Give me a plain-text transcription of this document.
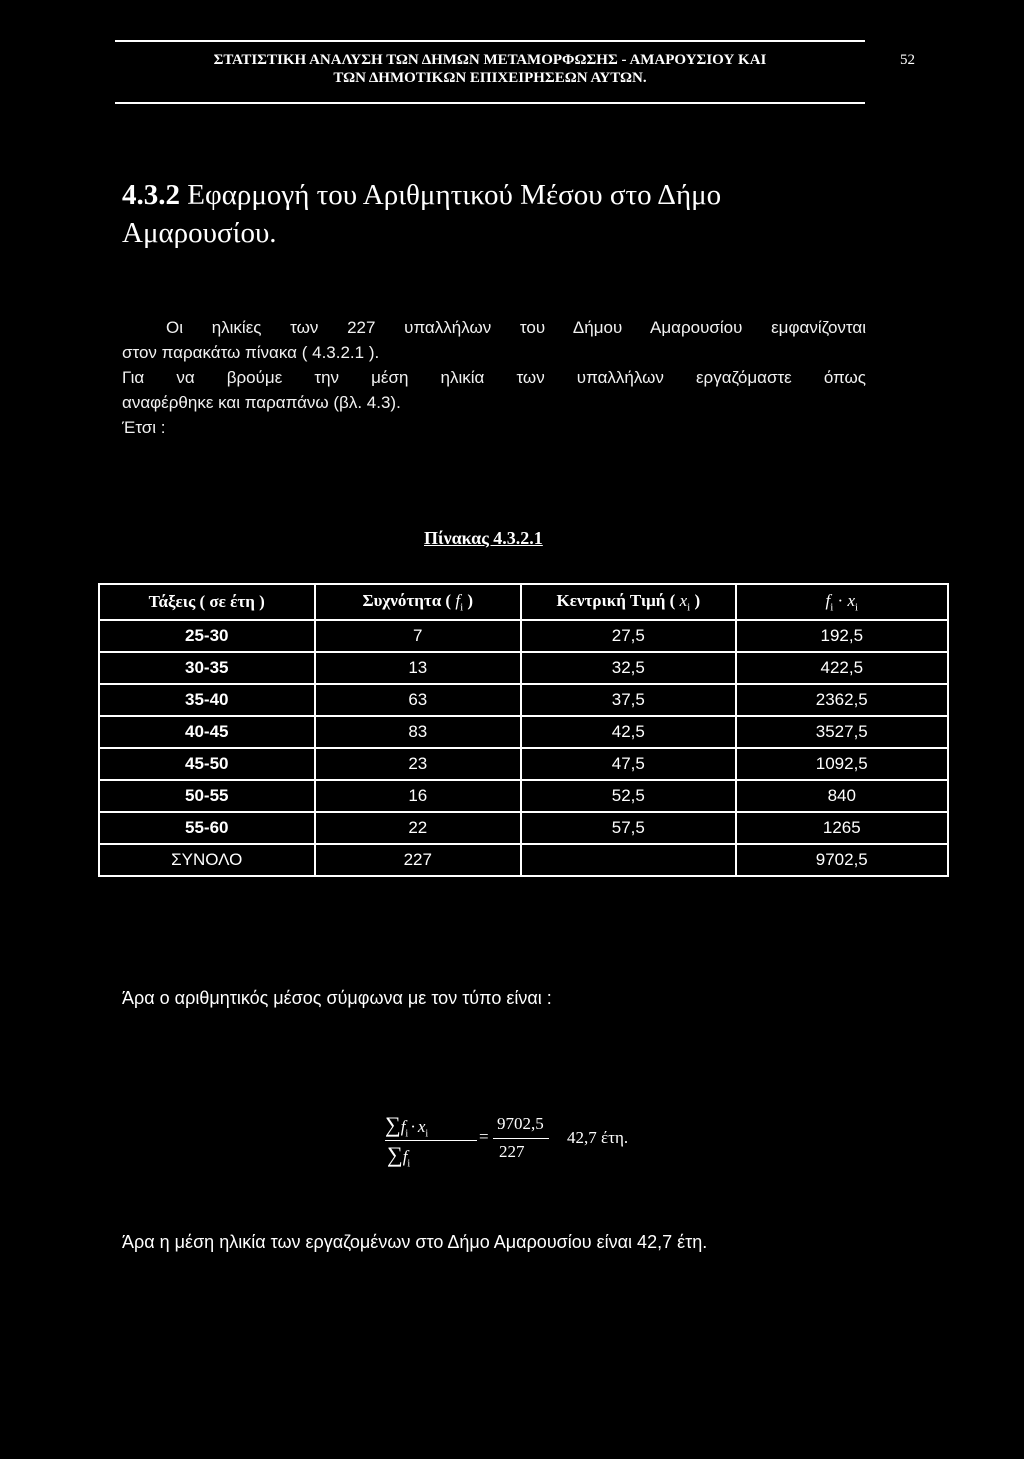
ΣΤΑΤΙΣΤΙΚΗ ΑΝΑΛΥΣΗ ΤΩΝ ΔΗΜΩΝ ΜΕΤΑΜΟΡΦΩΣΗΣ - ΑΜΑΡΟΥΣΙΟΥ ΚΑΙ
ΤΩΝ ΔΗΜΟΤΙΚΩΝ ΕΠΙΧΕΙΡΗΣΕΩΝ ΑΥΤΩΝ.
52
4.3.2 Εφαρμογή του Αριθμητικού Μέσου στο Δήμο
Αμαρουσίου.
Οι ηλικίες των 227 υπαλλήλων του Δήμου Αμαρουσίου εμφανίζονται
στον παρακάτω πίνακα ( 4.3.2.1 ).
Για να βρούμε την μέση ηλικία των υπαλλήλων εργαζόμαστε όπως
αναφέρθηκε και παραπάνω (βλ. 4.3).
Έτσι :
Πίνακας 4.3.2.1
Τάξεις ( σε έτη )	Συχνότητα ( $f_i$ )	Κεντρική Τιμή ( $x_i$ )	$f_i \cdot x_i$
25-30	7	27,5	192,5
30-35	13	32,5	422,5
35-40	63	37,5	2362,5
40-45	83	42,5	3527,5
45-50	23	47,5	1092,5
50-55	16	52,5	840
55-60	22	57,5	1265
ΣΥΝΟΛΟ	227		9702,5
Άρα ο αριθμητικός μέσος σύμφωνα με τον τύπο είναι :
$\sum f_i \cdot x_i$
$\sum f_i$
=
9702,5
227
42,7 έτη.
Άρα η μέση ηλικία των εργαζομένων στο Δήμο Αμαρουσίου είναι 42,7 έτη.
